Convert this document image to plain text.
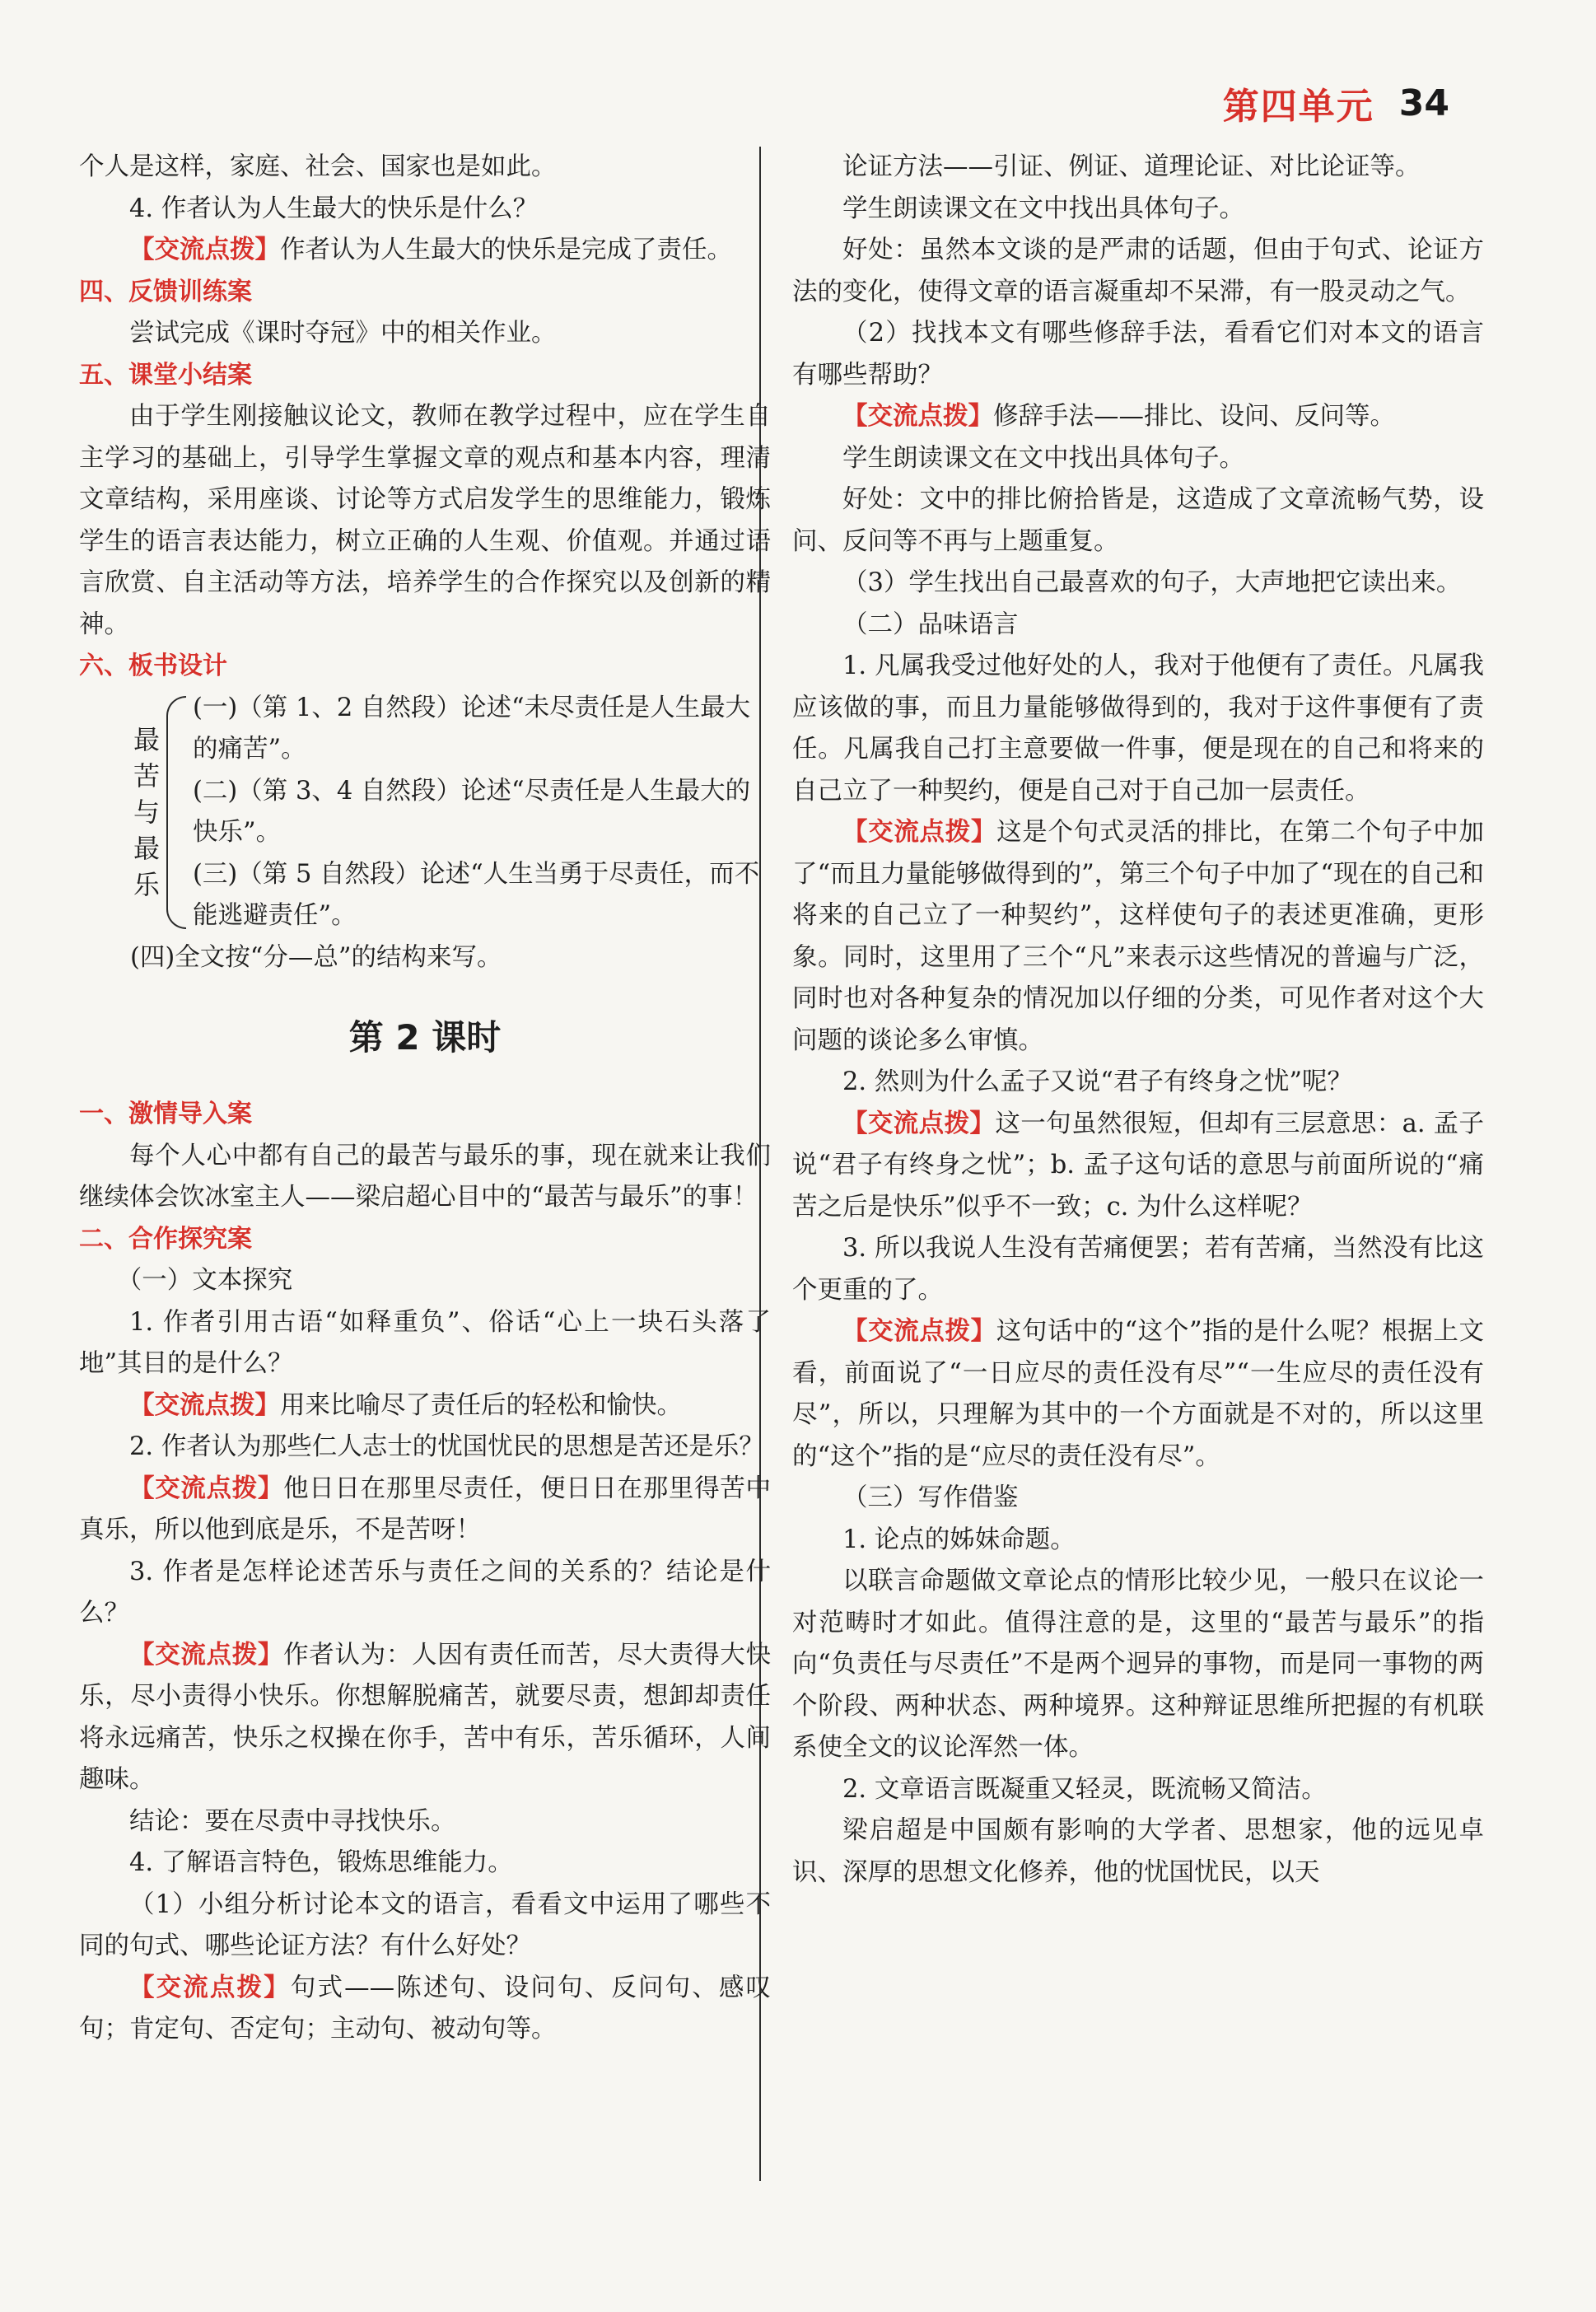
第四单元 34

个人是这样，家庭、社会、国家也是如此。

4. 作者认为人生最大的快乐是什么？

【交流点拨】作者认为人生最大的快乐是完成了责任。

四、反馈训练案

尝试完成《课时夺冠》中的相关作业。

五、课堂小结案

由于学生刚接触议论文，教师在教学过程中，应在学生自主学习的基础上，引导学生掌握文章的观点和基本内容，理清文章结构，采用座谈、讨论等方式启发学生的思维能力，锻炼学生的语言表达能力，树立正确的人生观、价值观。并通过语言欣赏、自主活动等方法，培养学生的合作探究以及创新的精神。

六、板书设计

最
苦
与
最
乐

(一)（第 1、2 自然段）论述“未尽责任是人生最大的痛苦”。

(二)（第 3、4 自然段）论述“尽责任是人生最大的快乐”。

(三)（第 5 自然段）论述“人生当勇于尽责任，而不能逃避责任”。

(四)全文按“分—总”的结构来写。

第 2 课时

一、激情导入案

每个人心中都有自己的最苦与最乐的事，现在就来让我们继续体会饮冰室主人——梁启超心目中的“最苦与最乐”的事！

二、合作探究案

（一）文本探究

1. 作者引用古语“如释重负”、俗话“心上一块石头落了地”其目的是什么？

【交流点拨】用来比喻尽了责任后的轻松和愉快。

2. 作者认为那些仁人志士的忧国忧民的思想是苦还是乐？

【交流点拨】他日日在那里尽责任，便日日在那里得苦中真乐，所以他到底是乐，不是苦呀！

3. 作者是怎样论述苦乐与责任之间的关系的？结论是什么？

【交流点拨】作者认为：人因有责任而苦，尽大责得大快乐，尽小责得小快乐。你想解脱痛苦，就要尽责，想卸却责任将永远痛苦，快乐之权操在你手，苦中有乐，苦乐循环，人间趣味。

结论：要在尽责中寻找快乐。

4. 了解语言特色，锻炼思维能力。

（1）小组分析讨论本文的语言，看看文中运用了哪些不同的句式、哪些论证方法？有什么好处？

【交流点拨】句式——陈述句、设问句、反问句、感叹句；肯定句、否定句；主动句、被动句等。

论证方法——引证、例证、道理论证、对比论证等。

学生朗读课文在文中找出具体句子。

好处：虽然本文谈的是严肃的话题，但由于句式、论证方法的变化，使得文章的语言凝重却不呆滞，有一股灵动之气。

（2）找找本文有哪些修辞手法，看看它们对本文的语言有哪些帮助？

【交流点拨】修辞手法——排比、设问、反问等。

学生朗读课文在文中找出具体句子。

好处：文中的排比俯拾皆是，这造成了文章流畅气势，设问、反问等不再与上题重复。

（3）学生找出自己最喜欢的句子，大声地把它读出来。

（二）品味语言

1. 凡属我受过他好处的人，我对于他便有了责任。凡属我应该做的事，而且力量能够做得到的，我对于这件事便有了责任。凡属我自己打主意要做一件事，便是现在的自己和将来的自己立了一种契约，便是自己对于自己加一层责任。

【交流点拨】这是个句式灵活的排比，在第二个句子中加了“而且力量能够做得到的”，第三个句子中加了“现在的自己和将来的自己立了一种契约”，这样使句子的表述更准确，更形象。同时，这里用了三个“凡”来表示这些情况的普遍与广泛，同时也对各种复杂的情况加以仔细的分类，可见作者对这个大问题的谈论多么审慎。

2. 然则为什么孟子又说“君子有终身之忧”呢？

【交流点拨】这一句虽然很短，但却有三层意思：a. 孟子说“君子有终身之忧”；b. 孟子这句话的意思与前面所说的“痛苦之后是快乐”似乎不一致；c. 为什么这样呢？

3. 所以我说人生没有苦痛便罢；若有苦痛，当然没有比这个更重的了。

【交流点拨】这句话中的“这个”指的是什么呢？根据上文看，前面说了“一日应尽的责任没有尽”“一生应尽的责任没有尽”，所以，只理解为其中的一个方面就是不对的，所以这里的“这个”指的是“应尽的责任没有尽”。

（三）写作借鉴

1. 论点的姊妹命题。

以联言命题做文章论点的情形比较少见，一般只在议论一对范畴时才如此。值得注意的是，这里的“最苦与最乐”的指向“负责任与尽责任”不是两个迥异的事物，而是同一事物的两个阶段、两种状态、两种境界。这种辩证思维所把握的有机联系使全文的议论浑然一体。

2. 文章语言既凝重又轻灵，既流畅又简洁。

梁启超是中国颇有影响的大学者、思想家，他的远见卓识、深厚的思想文化修养，他的忧国忧民，以天
